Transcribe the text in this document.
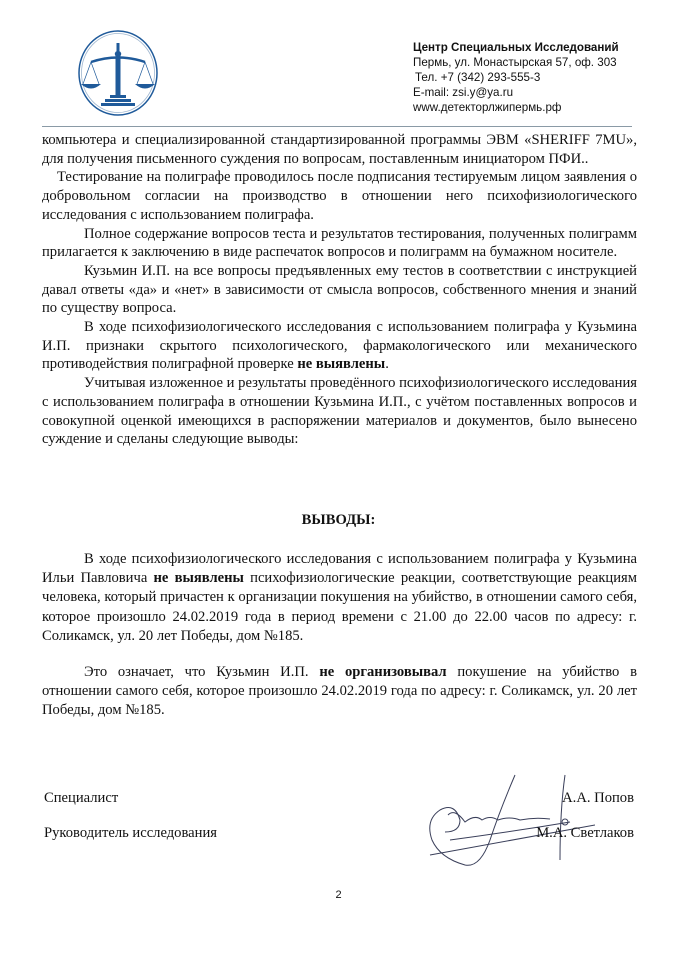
Центр Специальных Исследований
Пермь, ул. Монастырская 57, оф. 303
Тел. +7 (342) 293-555-3
E-mail: zsi.y@ya.ru
www.детекторлжипермь.рф

компьютера и специализированной стандартизированной программы ЭВМ «SHERIFF 7MU», для получения письменного суждения по вопросам, поставленным инициатором ПФИ..

Тестирование на полиграфе проводилось после подписания тестируемым лицом заявления о добровольном согласии на производство в отношении него психофизиологического исследования с использованием полиграфа.

Полное содержание вопросов теста и результатов тестирования, полученных полиграмм прилагается к заключению в виде распечаток вопросов и полиграмм на бумажном носителе.

Кузьмин И.П. на все вопросы предъявленных ему тестов в соответствии с инструкцией давал ответы «да» и «нет» в зависимости от смысла вопросов, собственного мнения и знаний по существу вопроса.

В ходе психофизиологического исследования с использованием полиграфа у Кузьмина И.П. признаки скрытого психологического, фармакологического или механического противодействия полиграфной проверке не выявлены.

Учитывая изложенное и результаты проведённого психофизиологического исследования с использованием полиграфа в отношении Кузьмина И.П., с учётом поставленных вопросов и совокупной оценкой имеющихся в распоряжении материалов и документов, было вынесено суждение и сделаны следующие выводы:

ВЫВОДЫ:

В ходе психофизиологического исследования с использованием полиграфа у Кузьмина Ильи Павловича не выявлены психофизиологические реакции, соответствующие реакциям человека, который причастен к организации покушения на убийство, в отношении самого себя, которое произошло 24.02.2019 года в период времени с 21.00 до 22.00 часов по адресу: г. Соликамск, ул. 20 лет Победы, дом №185.

Это означает, что Кузьмин И.П. не организовывал покушение на убийство в отношении самого себя, которое произошло 24.02.2019 года по адресу: г. Соликамск, ул. 20 лет Победы, дом №185.

Специалист	А.А. Попов
Руководитель исследования	М.А. Светлаков
2
